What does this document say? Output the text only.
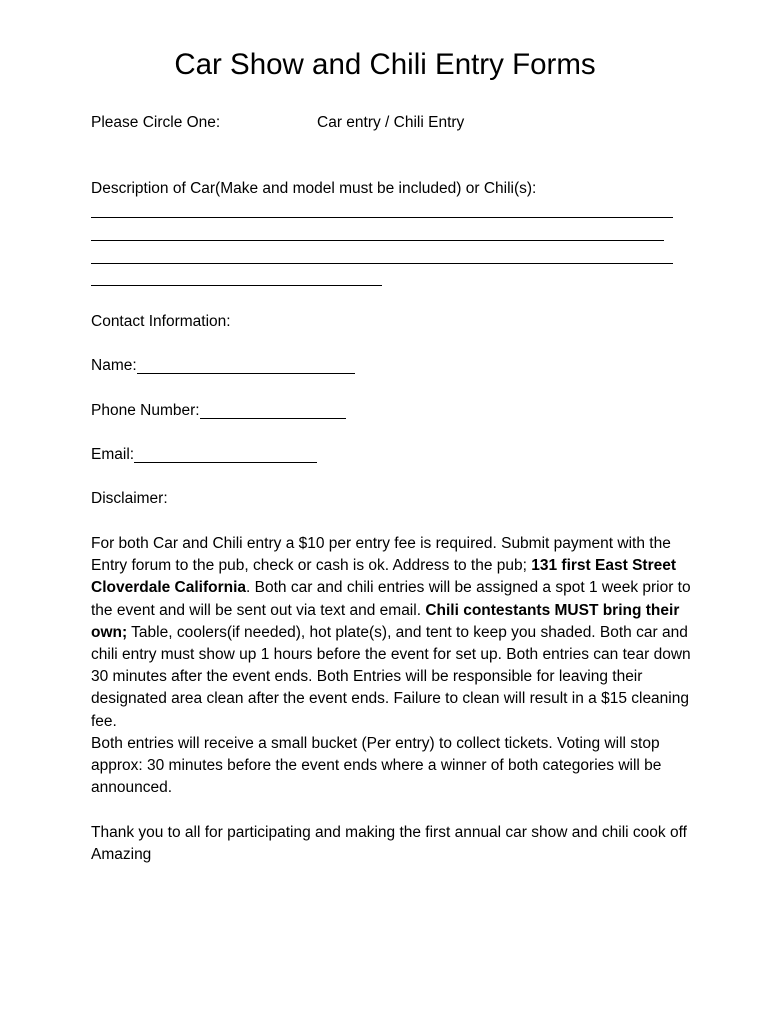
Car Show and Chili Entry Forms
Please Circle One:	Car entry / Chili Entry
Description of Car(Make and model must be included) or Chili(s):
Contact Information:
Name:
Phone Number:
Email:
Disclaimer:

For both Car and Chili entry a $10 per entry fee is required. Submit payment with the Entry forum to the pub, check or cash is ok. Address to the pub; 131 first East Street Cloverdale California. Both car and chili entries will be assigned a spot 1 week prior to the event and will be sent out via text and email. Chili contestants MUST bring their own; Table, coolers(if needed), hot plate(s), and tent to keep you shaded. Both car and chili entry must show up 1 hours before the event for set up. Both entries can tear down 30 minutes after the event ends. Both Entries will be responsible for leaving their designated area clean after the event ends. Failure to clean will result in a $15 cleaning fee.
Both entries will receive a small bucket (Per entry) to collect tickets. Voting will stop approx: 30 minutes before the event ends where a winner of both categories will be announced.

Thank you to all for participating and making the first annual car show and chili cook off Amazing
